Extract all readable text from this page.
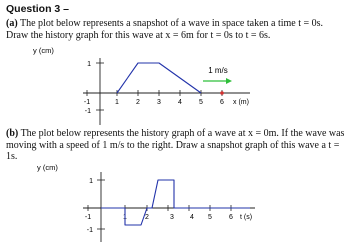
Question 3 –
(a) The plot below represents a snapshot of a wave in space taken a time t = 0s. Draw the history graph for this wave at x = 6m for t = 0s to t = 6s.
(b) The plot below represents the history graph of a wave at x = 0m. If the wave was moving with a speed of 1 m/s to the right. Draw a snapshot graph of this wave a t = 1s.
y (cm)
-1	1 2 3 4 5 6 x (m)
1
-1
1 m/s
y (cm)
-1	1	2	3 4 5 6 t (s)
1
-1
